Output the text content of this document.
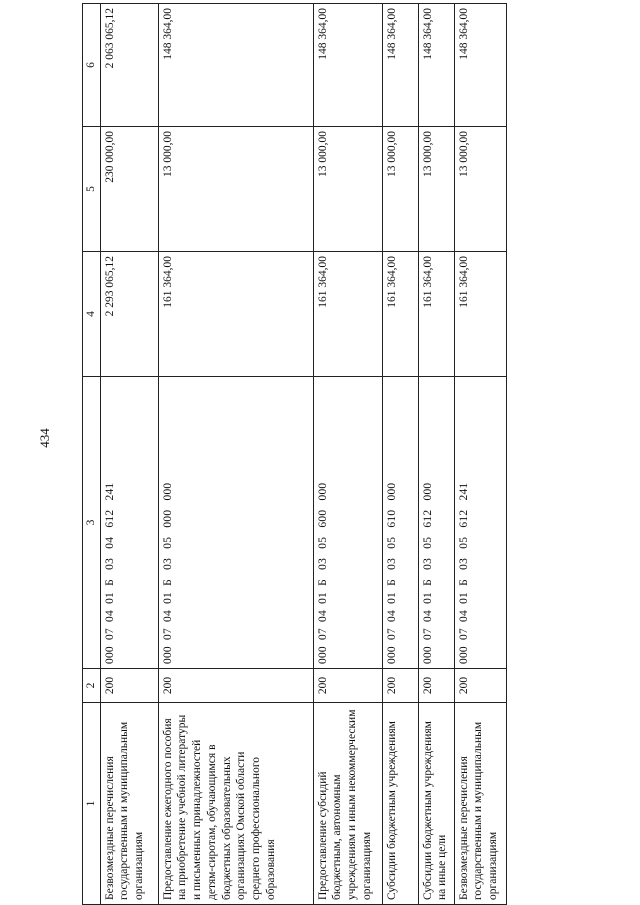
434
1	2	3	4	5	6
Безвозмездные перечисления государственным и муниципальным организациям	200	000  07  04  01  Б   03   04   612   241	2 293 065,12	230 000,00	2 063 065,12
Предоставление ежегодного пособия на приобретение учебной литературы и письменных принадлежностей детям-сиротам, обучающимся в бюджетных образовательных организациях Омской области среднего профессионального образования	200	000  07  04  01  Б   03   05   000   000	161 364,00	13 000,00	148 364,00
Предоставление субсидий бюджетным, автономным учреждениям и иным некоммерческим организациям	200	000  07  04  01  Б   03   05   600   000	161 364,00	13 000,00	148 364,00
Субсидии бюджетным учреждениям	200	000  07  04  01  Б   03   05   610   000	161 364,00	13 000,00	148 364,00
Субсидии бюджетным учреждениям на иные цели	200	000  07  04  01  Б   03   05   612   000	161 364,00	13 000,00	148 364,00
Безвозмездные перечисления государственным и муниципальным организациям	200	000  07  04  01  Б   03   05   612   241	161 364,00	13 000,00	148 364,00
